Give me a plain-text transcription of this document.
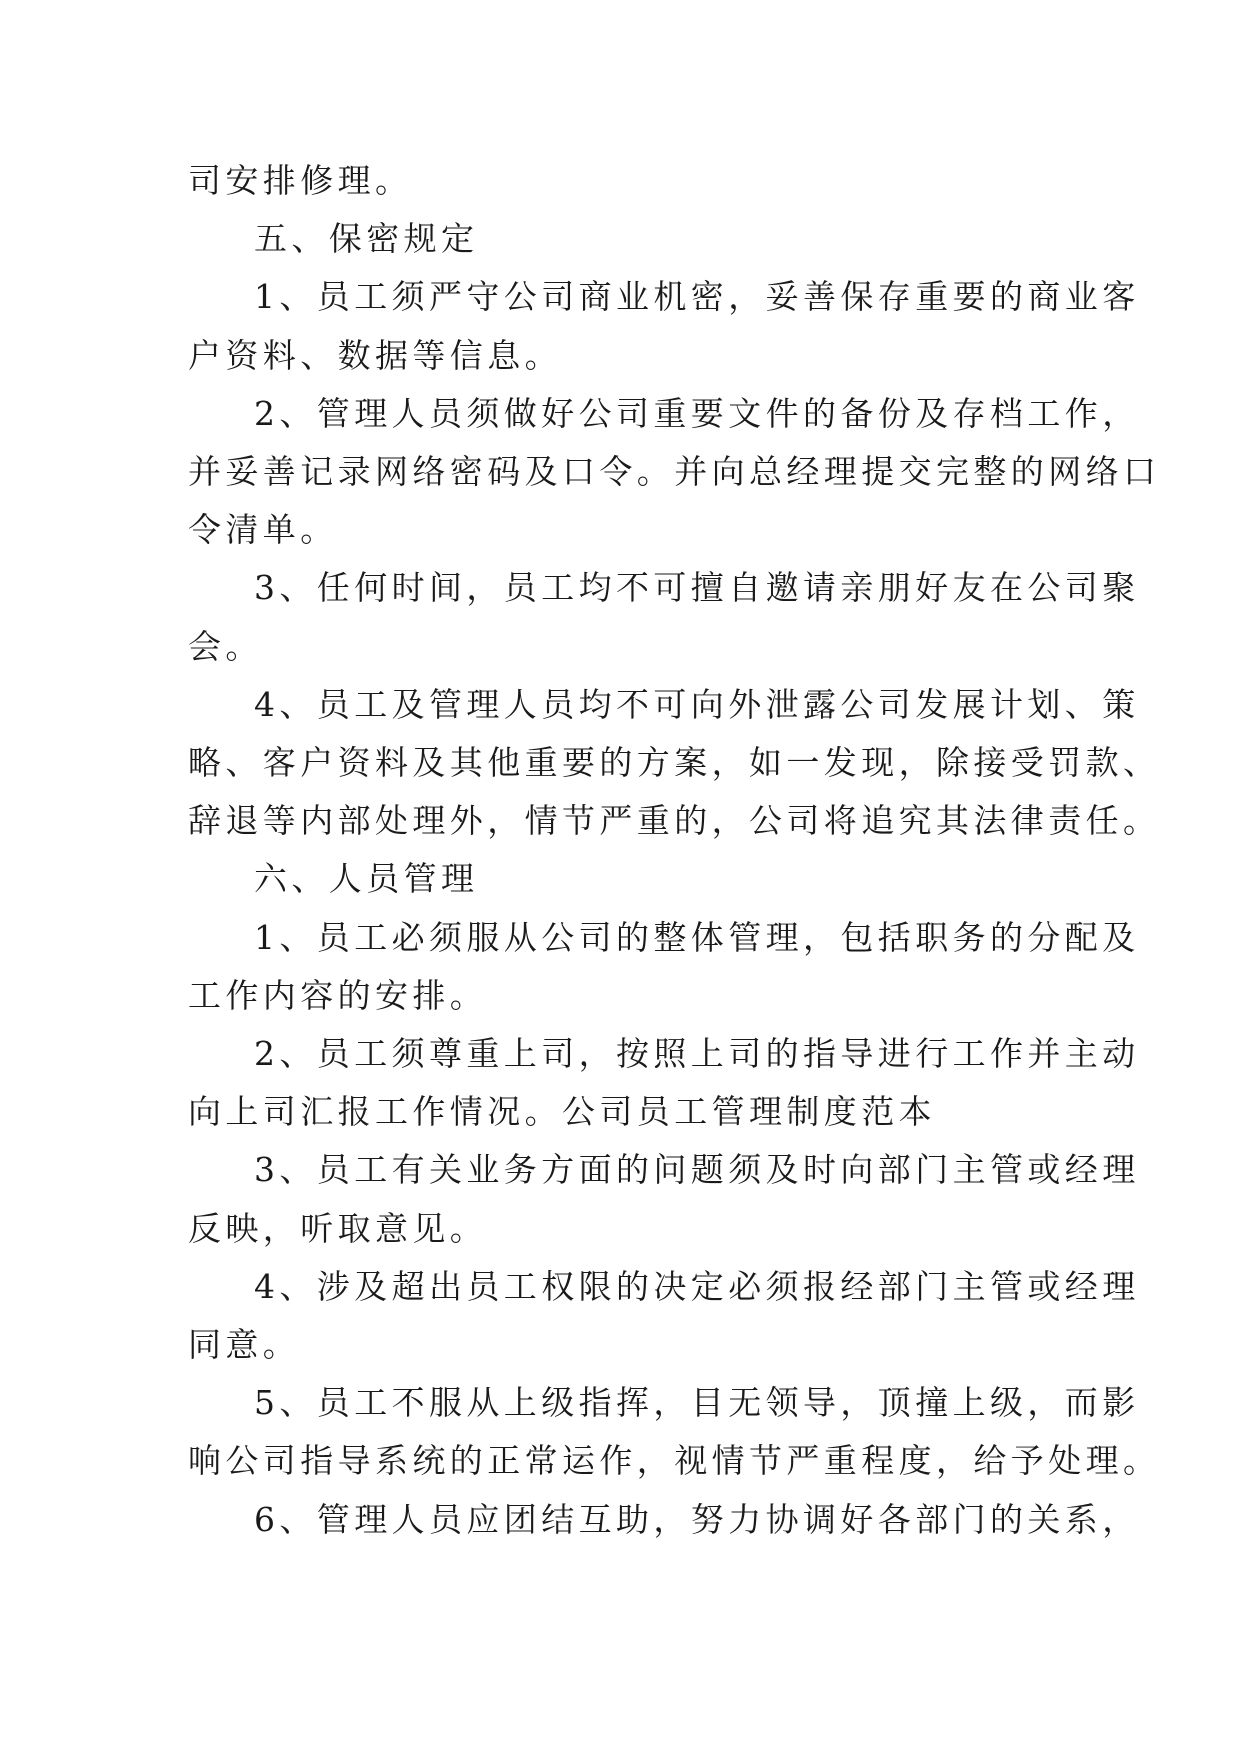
司安排修理。

五、保密规定

1、员工须严守公司商业机密，妥善保存重要的商业客

户资料、数据等信息。

2、管理人员须做好公司重要文件的备份及存档工作，

并妥善记录网络密码及口令。并向总经理提交完整的网络口

令清单。

3、任何时间，员工均不可擅自邀请亲朋好友在公司聚

会。

4、员工及管理人员均不可向外泄露公司发展计划、策

略、客户资料及其他重要的方案，如一发现，除接受罚款、

辞退等内部处理外，情节严重的，公司将追究其法律责任。

六、人员管理

1、员工必须服从公司的整体管理，包括职务的分配及

工作内容的安排。

2、员工须尊重上司，按照上司的指导进行工作并主动

向上司汇报工作情况。公司员工管理制度范本

3、员工有关业务方面的问题须及时向部门主管或经理

反映，听取意见。

4、涉及超出员工权限的决定必须报经部门主管或经理

同意。

5、员工不服从上级指挥，目无领导，顶撞上级，而影

响公司指导系统的正常运作，视情节严重程度，给予处理。

6、管理人员应团结互助，努力协调好各部门的关系，
